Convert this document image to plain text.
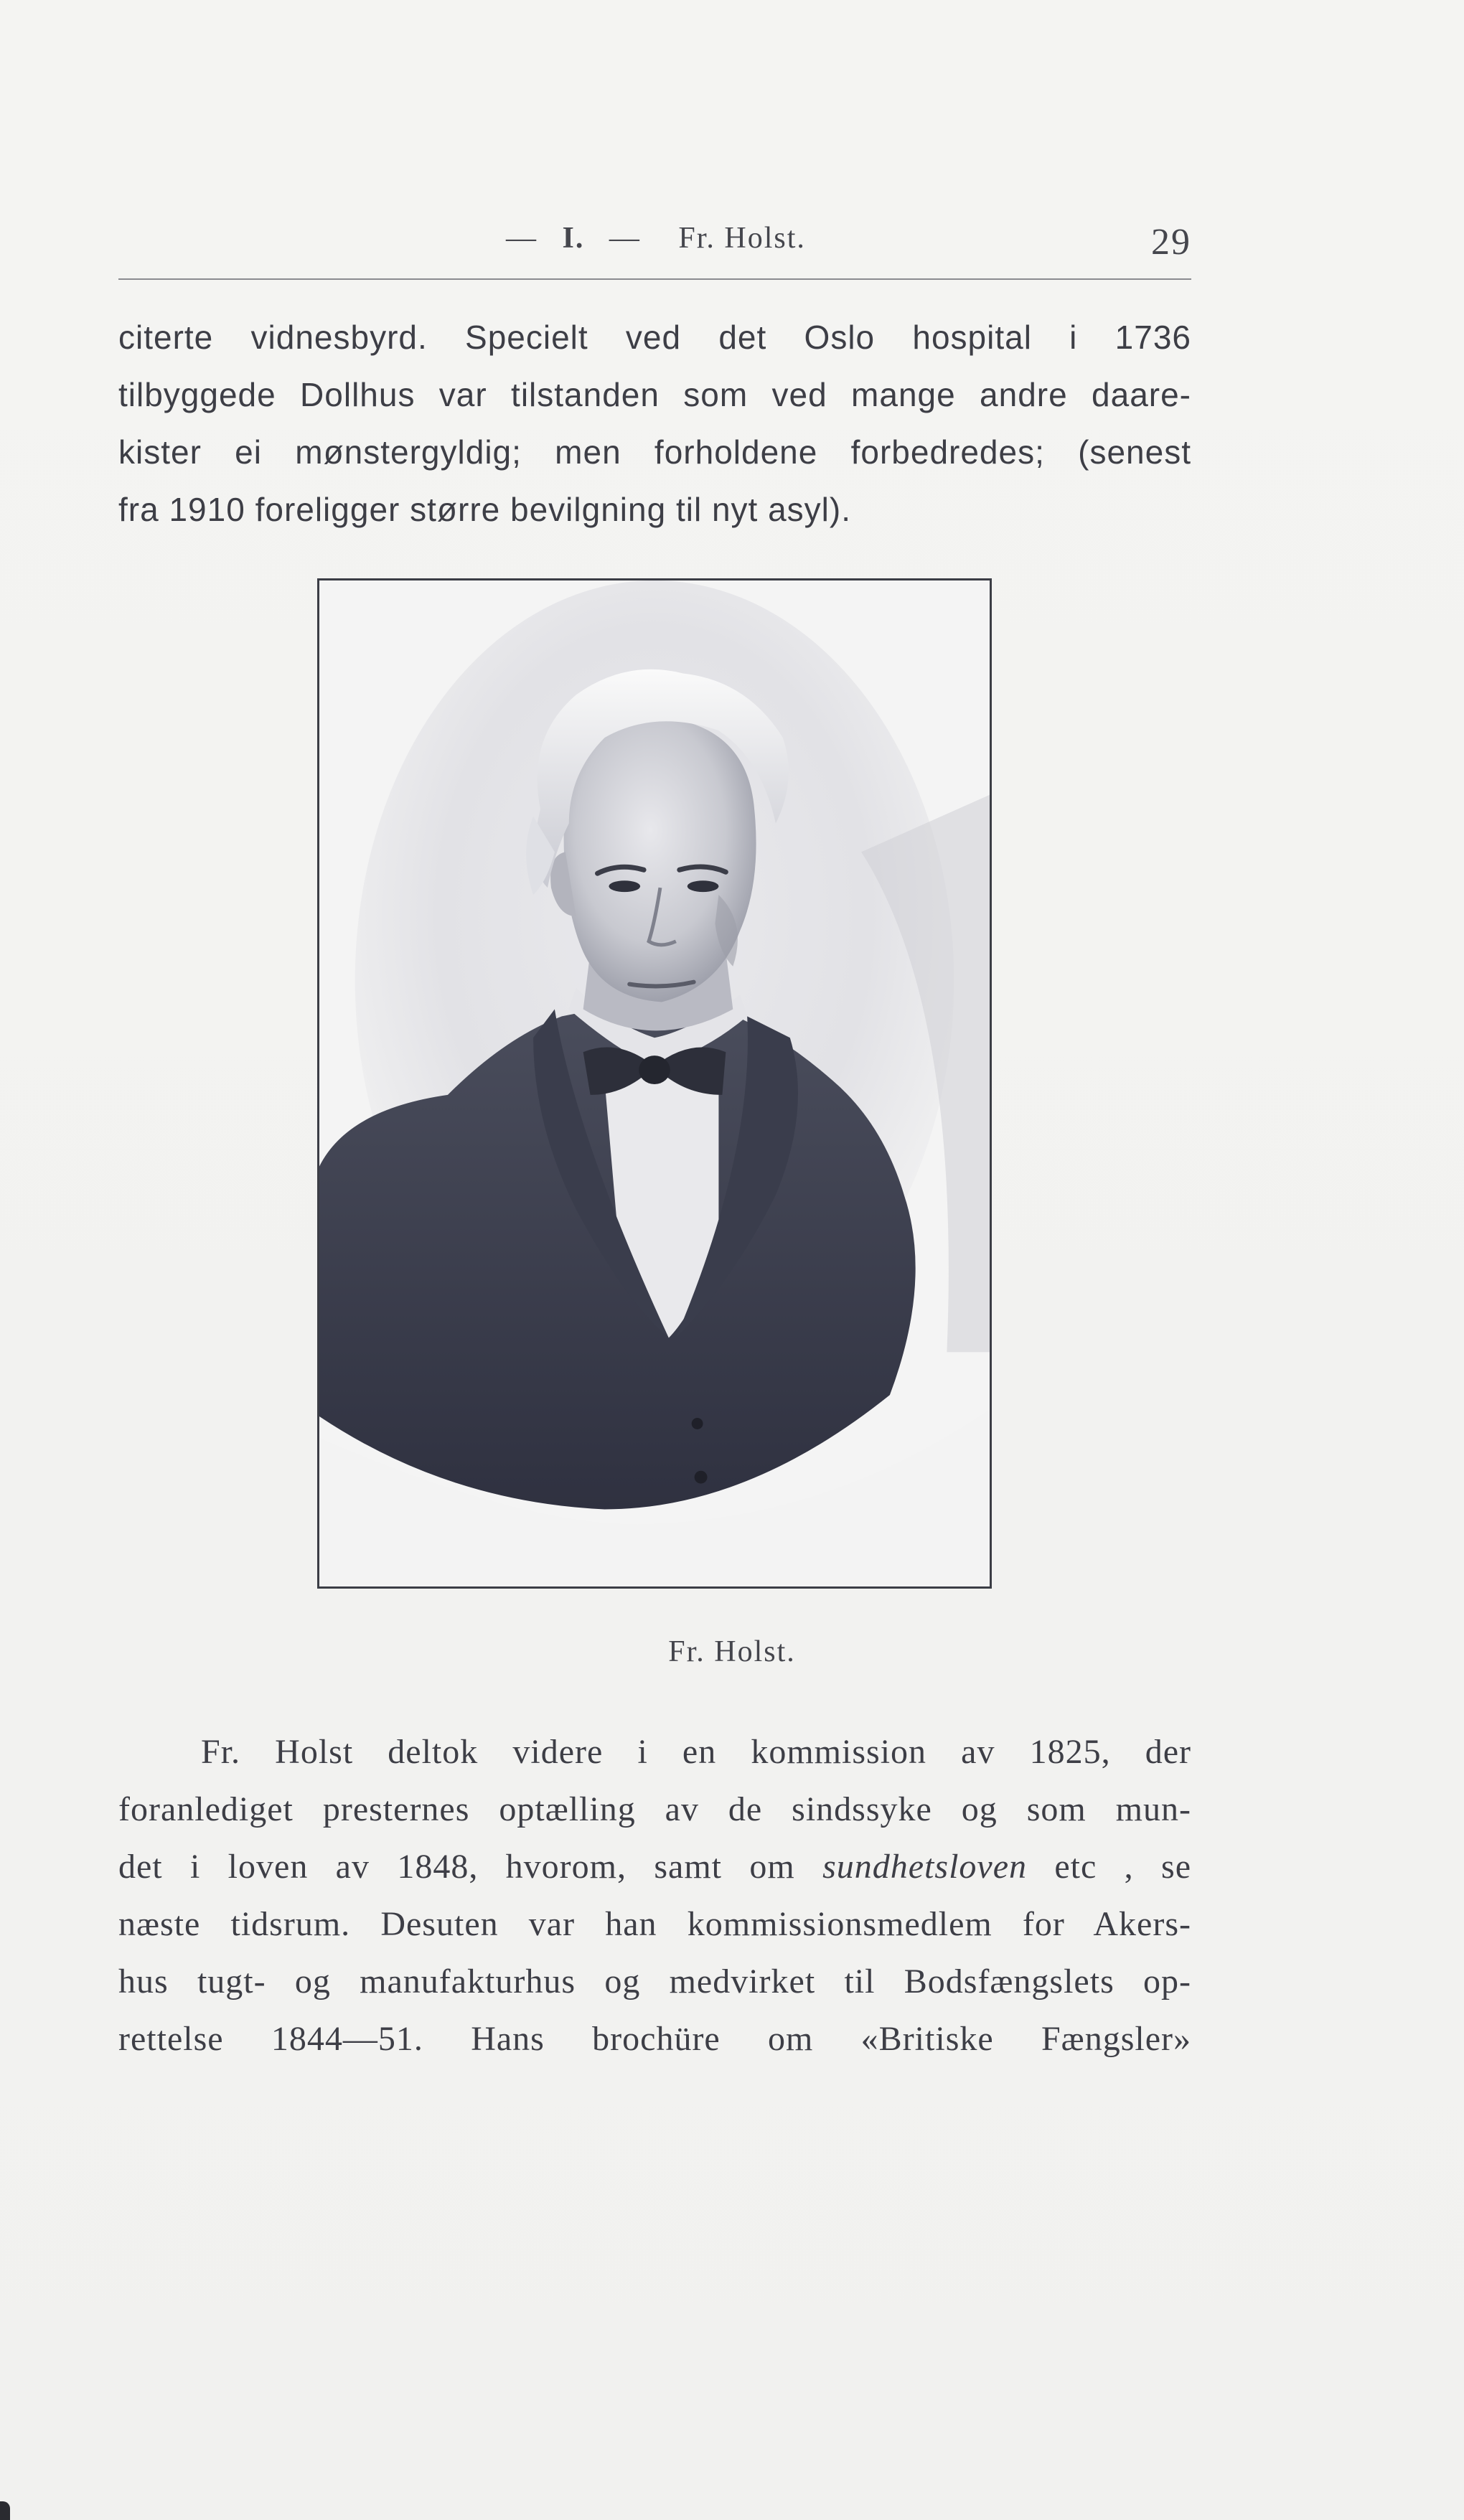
— I. — Fr. Holst.	29
citerte vidnesbyrd. Specielt ved det Oslo hospital i 1736
tilbyggede Dollhus var tilstanden som ved mange andre daare-
kister ei mønstergyldig; men forholdene forbedredes; (senest
fra 1910 foreligger større bevilgning til nyt asyl).
Fr. Holst.
Fr. Holst deltok videre i en kommission av 1825, der
foranlediget presternes optælling av de sindssyke og som mun-
det i loven av 1848, hvorom, samt om sundhetsloven etc , se
næste tidsrum. Desuten var han kommissionsmedlem for Akers-
hus tugt- og manufakturhus og medvirket til Bodsfængslets op-
rettelse 1844—51. Hans brochüre om «Britiske Fængsler»
